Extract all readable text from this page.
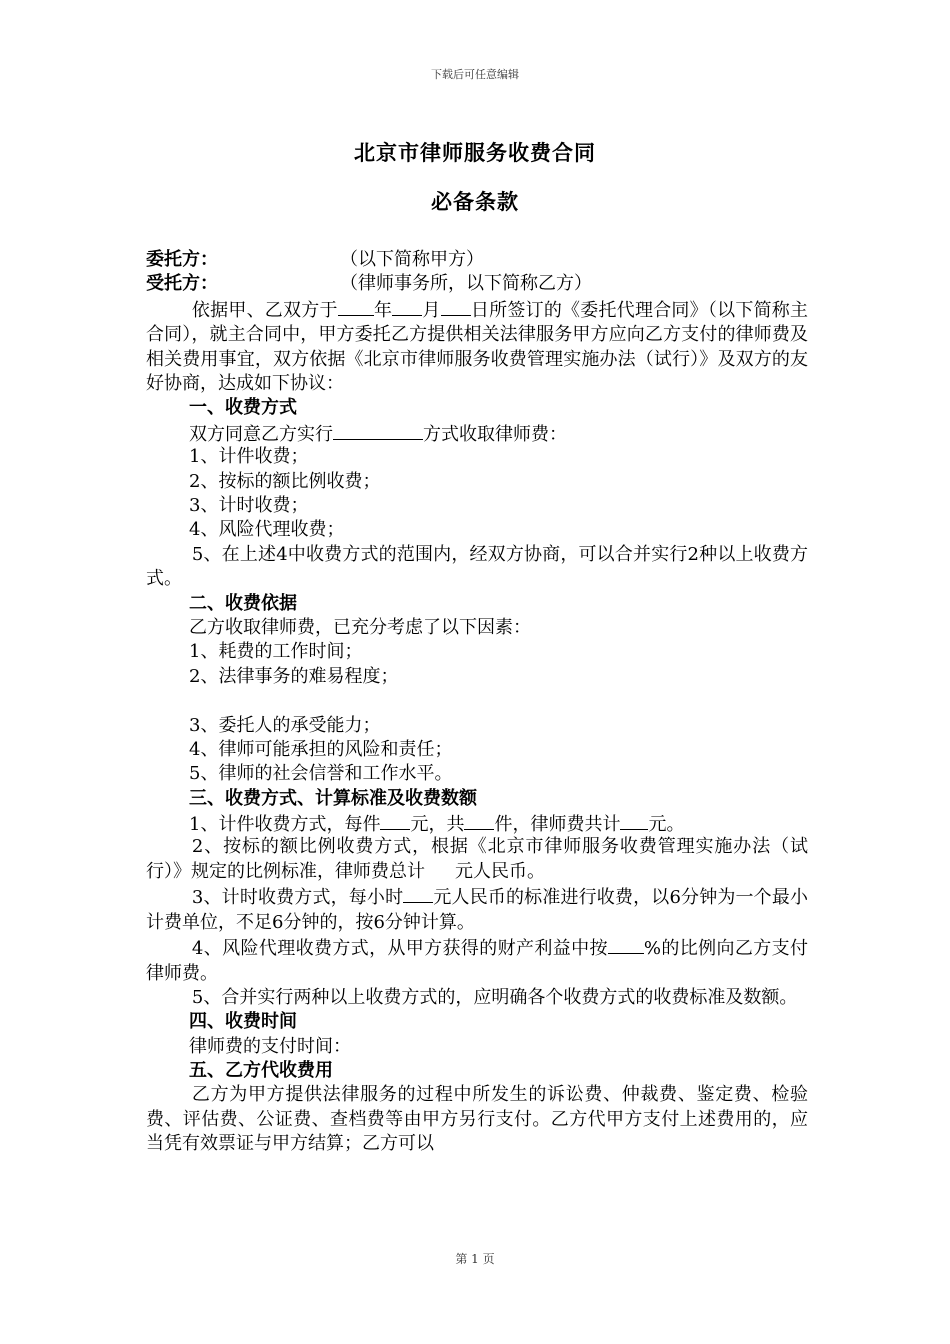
下载后可任意编辑
北京市律师服务收费合同
必备条款
委托方：	（以下简称甲方）
受托方：	（律师事务所，以下简称乙方）
依据甲、乙双方于 年 月 日所签订的《委托代理合同》（以下简称主合同），就主合同中，甲方委托乙方提供相关法律服务甲方应向乙方支付的律师费及相关费用事宜，双方依据《北京市律师服务收费管理实施办法（试行）》及双方的友好协商，达成如下协议：
一、收费方式
双方同意乙方实行	方式收取律师费：
1、计件收费；
2、按标的额比例收费；
3、计时收费；
4、风险代理收费；
5、在上述4中收费方式的范围内，经双方协商，可以合并实行2种以上收费方式。
二、收费依据
乙方收取律师费，已充分考虑了以下因素：
1、耗费的工作时间；
2、法律事务的难易程度；
3、委托人的承受能力；
4、律师可能承担的风险和责任；
5、律师的社会信誉和工作水平。
三、收费方式、计算标准及收费数额
1、计件收费方式，每件 元，共 件，律师费共计 元。
2、按标的额比例收费方式，根据《北京市律师服务收费管理实施办法（试行）》规定的比例标准，律师费总计 元人民币。
3、计时收费方式，每小时 元人民币的标准进行收费，以6分钟为一个最小计费单位，不足6分钟的，按6分钟计算。
4、风险代理收费方式，从甲方获得的财产利益中按 %的比例向乙方支付律师费。
5、合并实行两种以上收费方式的，应明确各个收费方式的收费标准及数额。
四、收费时间
律师费的支付时间：
五、乙方代收费用
乙方为甲方提供法律服务的过程中所发生的诉讼费、仲裁费、鉴定费、检验费、评估费、公证费、查档费等由甲方另行支付。乙方代甲方支付上述费用的，应当凭有效票证与甲方结算；乙方可以
第 1 页
